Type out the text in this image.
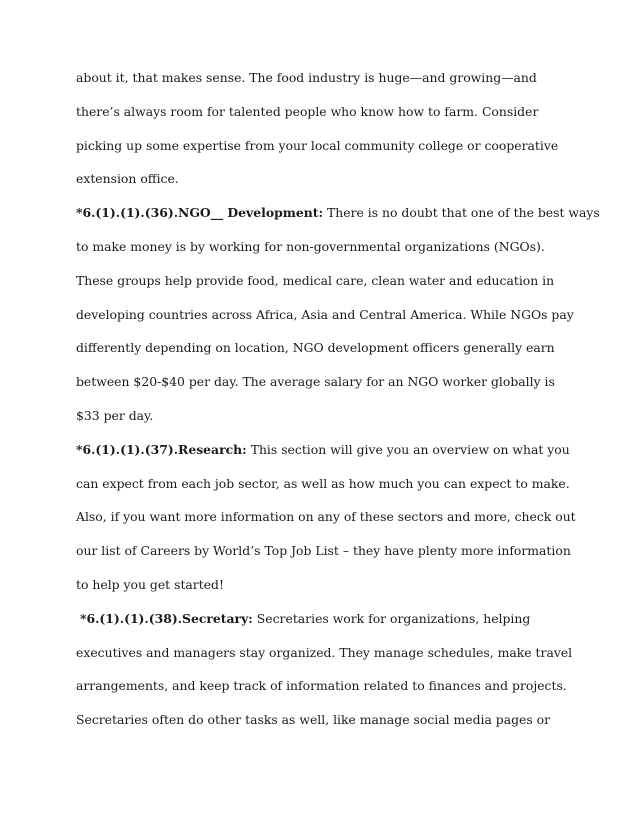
about it, that makes sense. The food industry is huge—and growing—and
there’s always room for talented people who know how to farm. Consider
picking up some expertise from your local community college or cooperative
extension office.
*6.(1).(1).(36).NGO__ Development: There is no doubt that one of the best ways
to make money is by working for non-governmental organizations (NGOs).
These groups help provide food, medical care, clean water and education in
developing countries across Africa, Asia and Central America. While NGOs pay
differently depending on location, NGO development officers generally earn
between $20-$40 per day. The average salary for an NGO worker globally is
$33 per day.
*6.(1).(1).(37).Research: This section will give you an overview on what you
can expect from each job sector, as well as how much you can expect to make.
Also, if you want more information on any of these sectors and more, check out
our list of Careers by World’s Top Job List – they have plenty more information
to help you get started!
*6.(1).(1).(38).Secretary: Secretaries work for organizations, helping
executives and managers stay organized. They manage schedules, make travel
arrangements, and keep track of information related to finances and projects.
Secretaries often do other tasks as well, like manage social media pages or
